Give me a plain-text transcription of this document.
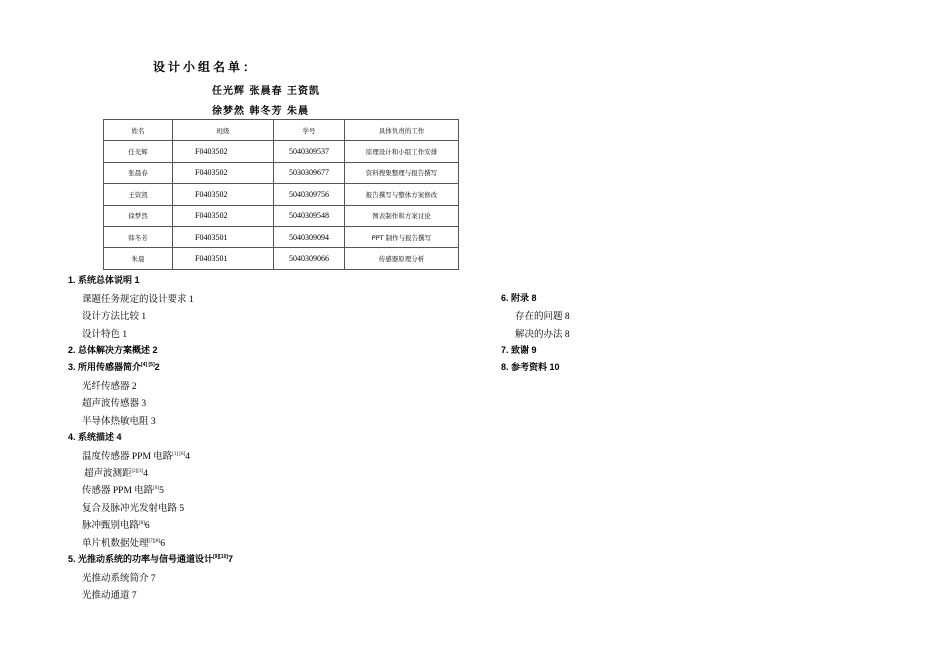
设计小组名单：
任光辉 张晨春 王资凯
徐梦然 韩冬芳 朱晨
姓名	班级	学号	具体负责的工作
任光辉	F0403502	5040309537	原理设计和小组工作安排
张晨春	F0403502	5030309677	资料搜集整理与报告撰写
王资凯	F0403502	5040309756	报告撰写与整体方案修改
徐梦然	F0403502	5040309548	图表制作和方案讨论
韩冬芳	F0403501	5040309094	PPT 制作与报告撰写
朱晨	F0403501	5040309066	传感器原理分析
1. 系统总体说明 1
课题任务规定的设计要求 1
设计方法比较 1
设计特色 1
2. 总体解决方案概述 2
3. 所用传感器简介[4] [5]2
光纤传感器 2
超声波传感器 3
半导体热敏电阻 3
4. 系统描述 4
温度传感器 PPM 电路[1] [6]4
超声波测距[2][3]4
传感器 PPM 电路[6]5
复合及脉冲光发射电路 5
脉冲甄别电路[8]6
单片机数据处理[7][8]6
5. 光推动系统的功率与信号通道设计[9][10]7
光推动系统简介 7
光推动通道 7
6. 附录 8
存在的问题 8
解决的办法 8
7. 致谢 9
8. 参考资料 10
